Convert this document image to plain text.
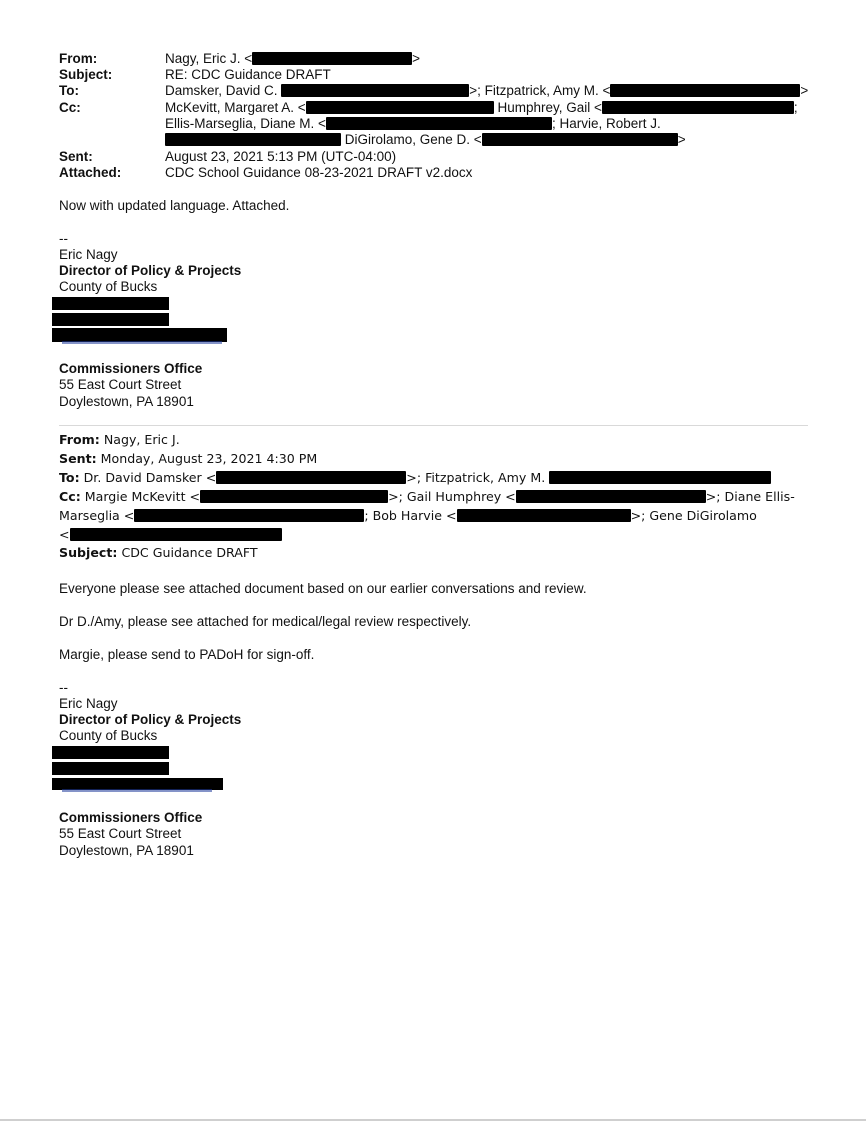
From:	Nagy, Eric J. <	>
Subject:	RE: CDC Guidance DRAFT
To:	Damsker, David C.	>; Fitzpatrick, Amy M. <	>
Cc:	McKevitt, Margaret A. <	Humphrey, Gail <	;
Ellis-Marseglia, Diane M. <	; Harvie, Robert J.
DiGirolamo, Gene D. <	>
Sent:	August 23, 2021 5:13 PM (UTC-04:00)
Attached:	CDC School Guidance 08-23-2021 DRAFT v2.docx
Now with updated language. Attached.
--
Eric Nagy
Director of Policy & Projects
County of Bucks
Commissioners Office
55 East Court Street
Doylestown, PA 18901
From: Nagy, Eric J.
Sent: Monday, August 23, 2021 4:30 PM
To: Dr. David Damsker <	>; Fitzpatrick, Amy M.
Cc: Margie McKevitt <	>; Gail Humphrey <	>; Diane Ellis-
Marseglia <	; Bob Harvie <	>; Gene DiGirolamo
<
Subject: CDC Guidance DRAFT
Everyone please see attached document based on our earlier conversations and review.
Dr D./Amy, please see attached for medical/legal review respectively.
Margie, please send to PADoH for sign-off.
--
Eric Nagy
Director of Policy & Projects
County of Bucks
Commissioners Office
55 East Court Street
Doylestown, PA 18901
